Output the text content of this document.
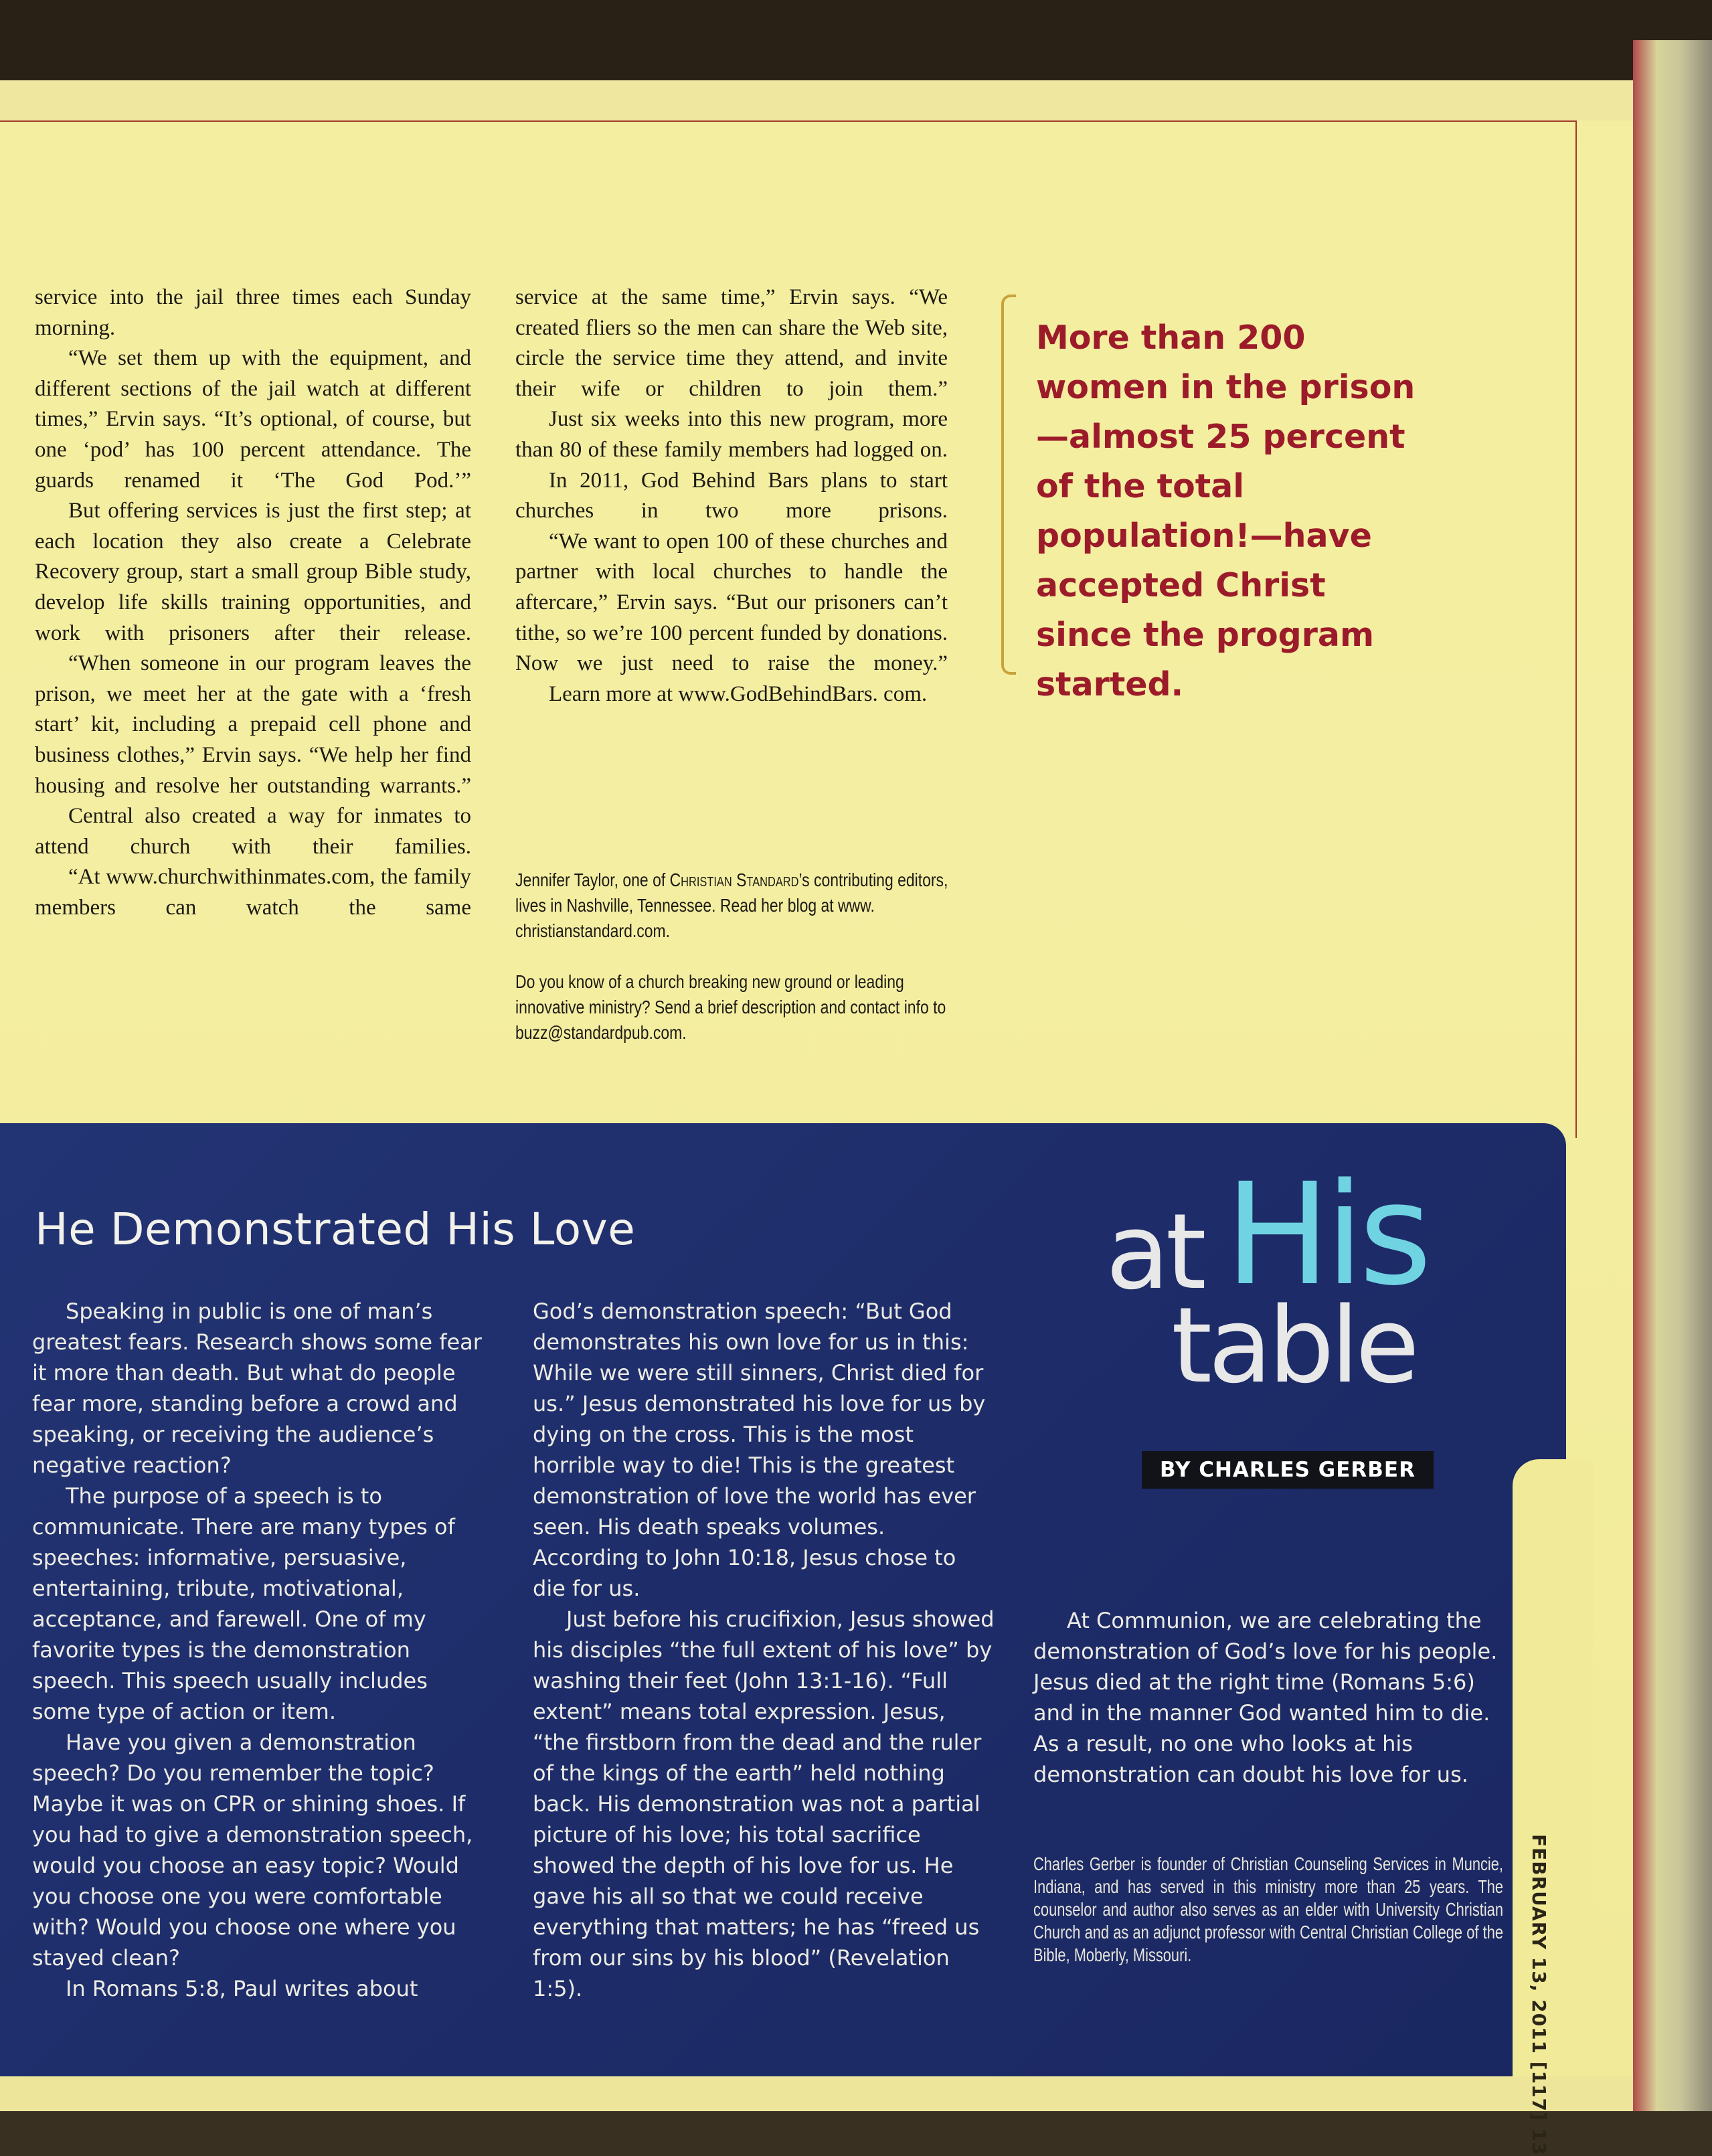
service into the jail three times each Sunday morning.

“We set them up with the equipment, and different sections of the jail watch at different times,” Ervin says. “It’s optional, of course, but one ‘pod’ has 100 percent attendance. The guards renamed it ‘The God Pod.’”

But offering services is just the first step; at each location they also create a Celebrate Recovery group, start a small group Bible study, develop life skills training opportunities, and work with prisoners after their release.

“When someone in our program leaves the prison, we meet her at the gate with a ‘fresh start’ kit, including a prepaid cell phone and business clothes,” Ervin says. “We help her find housing and resolve her outstanding warrants.”

Central also created a way for inmates to attend church with their families.

“At www.churchwithinmates.com, the family members can watch the same

service at the same time,” Ervin says. “We created fliers so the men can share the Web site, circle the service time they attend, and invite their wife or children to join them.”

Just six weeks into this new program, more than 80 of these family members had logged on.

In 2011, God Behind Bars plans to start churches in two more prisons.

“We want to open 100 of these churches and partner with local churches to handle the aftercare,” Ervin says. “But our prisoners can’t tithe, so we’re 100 percent funded by donations. Now we just need to raise the money.”

Learn more at www.GodBehindBars. com.

Jennifer Taylor, one of Christian Standard’s contributing editors, lives in Nashville, Tennessee. Read her blog at www. christianstandard.com.
Do you know of a church breaking new ground or leading innovative ministry? Send a brief description and contact info to buzz@standardpub.com.
More than 200 women in the prison—almost 25 percent of the total population!—have accepted Christ since the program started.
He Demonstrated His Love	at His
table
BY CHARLES GERBER

Speaking in public is one of man’s greatest fears. Research shows some fear it more than death. But what do people fear more, standing before a crowd and speaking, or receiving the audience’s negative reaction?

The purpose of a speech is to communicate. There are many types of speeches: informative, persuasive, entertaining, tribute, motivational, acceptance, and farewell. One of my favorite types is the demonstration speech. This speech usually includes some type of action or item.

Have you given a demonstration speech? Do you remember the topic? Maybe it was on CPR or shining shoes. If you had to give a demonstration speech, would you choose an easy topic? Would you choose one you were comfortable with? Would you choose one where you stayed clean?

In Romans 5:8, Paul writes about

God’s demonstration speech: “But God demonstrates his own love for us in this: While we were still sinners, Christ died for us.” Jesus demonstrated his love for us by dying on the cross. This is the most horrible way to die! This is the greatest demonstration of love the world has ever seen. His death speaks volumes. According to John 10:18, Jesus chose to die for us.

Just before his crucifixion, Jesus showed his disciples “the full extent of his love” by washing their feet (John 13:1-16). “Full extent” means total expression. Jesus, “the firstborn from the dead and the ruler of the kings of the earth” held nothing back. His demonstration was not a partial picture of his love; his total sacrifice showed the depth of his love for us. He gave his all so that we could receive everything that matters; he has “freed us from our sins by his blood” (Revelation 1:5).

At Communion, we are celebrating the demonstration of God’s love for his people. Jesus died at the right time (Romans 5:6) and in the manner God wanted him to die. As a result, no one who looks at his demonstration can doubt his love for us.

Charles Gerber is founder of Christian Counseling Services in Muncie, Indiana, and has served in this ministry more than 25 years. The counselor and author also serves as an elder with University Christian Church and as an adjunct professor with Central Christian College of the Bible, Moberly, Missouri.	FEBRUARY 13, 2011 [117] 13
